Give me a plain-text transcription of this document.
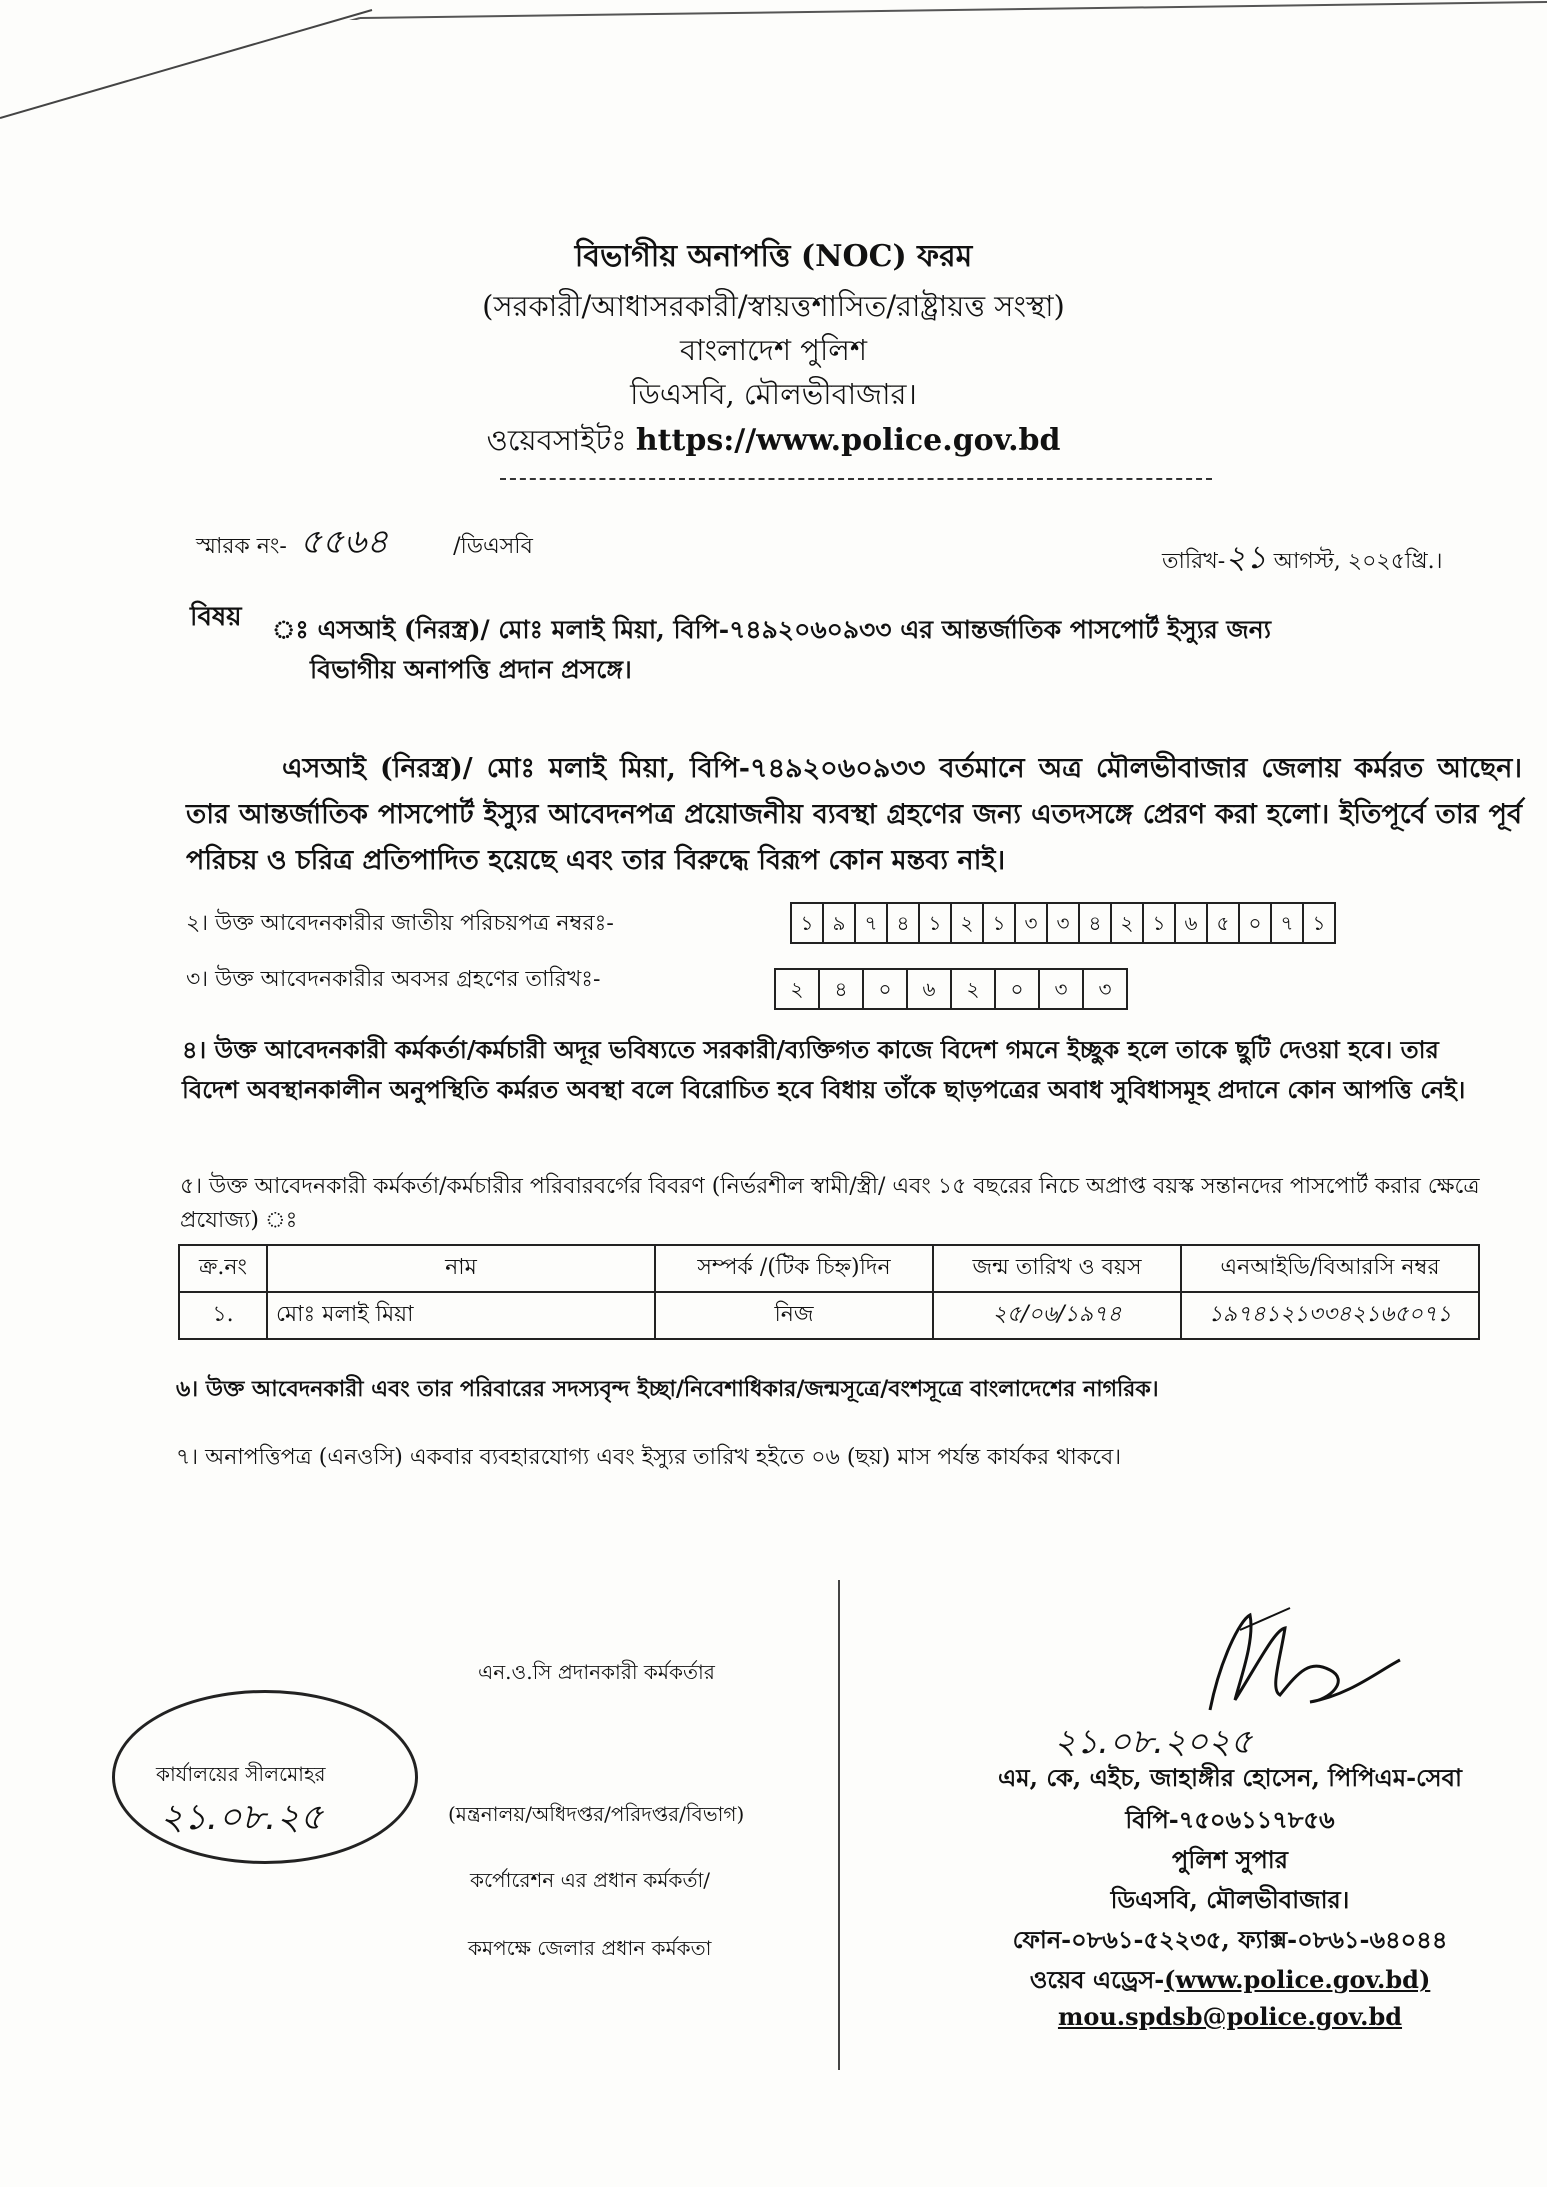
বিভাগীয় অনাপত্তি (NOC) ফরম
(সরকারী/আধাসরকারী/স্বায়ত্তশাসিত/রাষ্ট্রায়ত্ত সংস্থা)
বাংলাদেশ পুলিশ
ডিএসবি, মৌলভীবাজার।
ওয়েবসাইটঃ https://www.police.gov.bd
স্মারক নং- ৫৫৬৪	/ডিএসবি
তারিখ-২১ আগস্ট, ২০২৫খ্রি.।
বিষয় ঃ এসআই (নিরস্ত্র)/ মোঃ মলাই মিয়া, বিপি-৭৪৯২০৬০৯৩৩ এর আন্তর্জাতিক পাসপোর্ট ইস্যুর জন্য
বিভাগীয় অনাপত্তি প্রদান প্রসঙ্গে।
এসআই (নিরস্ত্র)/ মোঃ মলাই মিয়া, বিপি-৭৪৯২০৬০৯৩৩ বর্তমানে অত্র মৌলভীবাজার জেলায় কর্মরত আছেন। তার আন্তর্জাতিক পাসপোর্ট ইস্যুর আবেদনপত্র প্রয়োজনীয় ব্যবস্থা গ্রহণের জন্য এতদসঙ্গে প্রেরণ করা হলো। ইতিপূর্বে তার পূর্ব পরিচয় ও চরিত্র প্রতিপাদিত হয়েছে এবং তার বিরুদ্ধে বিরূপ কোন মন্তব্য নাই।
২। উক্ত আবেদনকারীর জাতীয় পরিচয়পত্র নম্বরঃ-	১ ৯ ৭ ৪ ১ ২ ১ ৩ ৩ ৪ ২ ১ ৬ ৫ ০ ৭ ১
৩। উক্ত আবেদনকারীর অবসর গ্রহণের তারিখঃ-	২	৪	০	৬	২	০	৩	৩
৪। উক্ত আবেদনকারী কর্মকর্তা/কর্মচারী অদূর ভবিষ্যতে সরকারী/ব্যক্তিগত কাজে বিদেশ গমনে ইচ্ছুক হলে তাকে ছুটি দেওয়া হবে। তার বিদেশ অবস্থানকালীন অনুপস্থিতি কর্মরত অবস্থা বলে বিরোচিত হবে বিধায় তাঁকে ছাড়পত্রের অবাধ সুবিধাসমূহ প্রদানে কোন আপত্তি নেই।
৫। উক্ত আবেদনকারী কর্মকর্তা/কর্মচারীর পরিবারবর্গের বিবরণ (নির্ভরশীল স্বামী/স্ত্রী/ এবং ১৫ বছরের নিচে অপ্রাপ্ত বয়স্ক সন্তানদের পাসপোর্ট করার ক্ষেত্রে প্রযোজ্য) ঃ
ক্র.নং	নাম	সম্পর্ক /(টিক চিহ্ন)দিন	জন্ম তারিখ ও বয়স	এনআইডি/বিআরসি নম্বর
১.	মোঃ মলাই মিয়া	নিজ	২৫/০৬/১৯৭৪	১৯৭৪১২১৩৩৪২১৬৫০৭১
৬। উক্ত আবেদনকারী এবং তার পরিবারের সদস্যবৃন্দ ইচ্ছা/নিবেশাধিকার/জন্মসূত্রে/বংশসূত্রে বাংলাদেশের নাগরিক।
৭। অনাপত্তিপত্র (এনওসি) একবার ব্যবহারযোগ্য এবং ইস্যুর তারিখ হইতে ০৬ (ছয়) মাস পর্যন্ত কার্যকর থাকবে।
এন.ও.সি প্রদানকারী কর্মকর্তার
কার্যালয়ের সীলমোহর
২১.০৮.২৫	(মন্ত্রনালয়/অধিদপ্তর/পরিদপ্তর/বিভাগ)
কর্পোরেশন এর প্রধান কর্মকর্তা/
কমপক্ষে জেলার প্রধান কর্মকতা
২১.০৮.২০২৫
এম, কে, এইচ, জাহাঙ্গীর হোসেন, পিপিএম-সেবা
বিপি-৭৫০৬১১৭৮৫৬
পুলিশ সুপার
ডিএসবি, মৌলভীবাজার।
ফোন-০৮৬১-৫২২৩৫, ফ্যাক্স-০৮৬১-৬৪০৪৪
ওয়েব এড্রেস-(www.police.gov.bd)
mou.spdsb@police.gov.bd
